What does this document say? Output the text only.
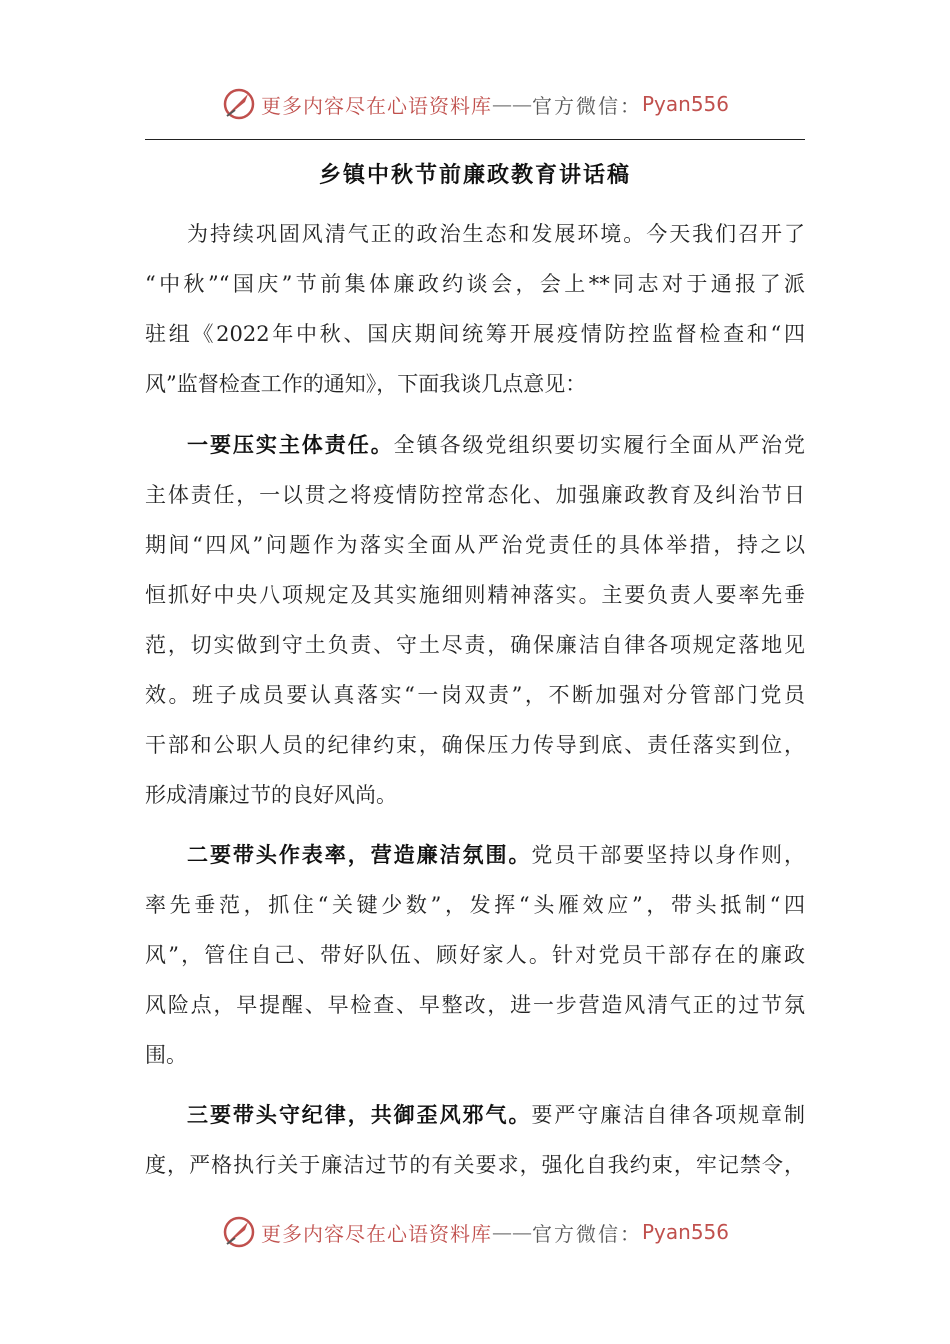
更多内容尽在心语资料库 —— 官方微信： Pyan556
乡镇中秋节前廉政教育讲话稿
为持续巩固风清气正的政治生态和发展环境。今天我们召开了
“中秋”“国庆”节前集体廉政约谈会，会上**同志对于通报了派
驻组《2022年中秋、国庆期间统筹开展疫情防控监督检查和“四
风”监督检查工作的通知》，下面我谈几点意见：
一要压实主体责任。全镇各级党组织要切实履行全面从严治党
主体责任，一以贯之将疫情防控常态化、加强廉政教育及纠治节日
期间“四风”问题作为落实全面从严治党责任的具体举措，持之以
恒抓好中央八项规定及其实施细则精神落实。主要负责人要率先垂
范，切实做到守土负责、守土尽责，确保廉洁自律各项规定落地见
效。班子成员要认真落实“一岗双责”，不断加强对分管部门党员
干部和公职人员的纪律约束，确保压力传导到底、责任落实到位，
形成清廉过节的良好风尚。
二要带头作表率，营造廉洁氛围。党员干部要坚持以身作则，
率先垂范，抓住“关键少数”，发挥“头雁效应”，带头抵制“四
风”，管住自己、带好队伍、顾好家人。针对党员干部存在的廉政
风险点，早提醒、早检查、早整改，进一步营造风清气正的过节氛
围。
三要带头守纪律，共御歪风邪气。要严守廉洁自律各项规章制
度，严格执行关于廉洁过节的有关要求，强化自我约束，牢记禁令，
更多内容尽在心语资料库 —— 官方微信： Pyan556
